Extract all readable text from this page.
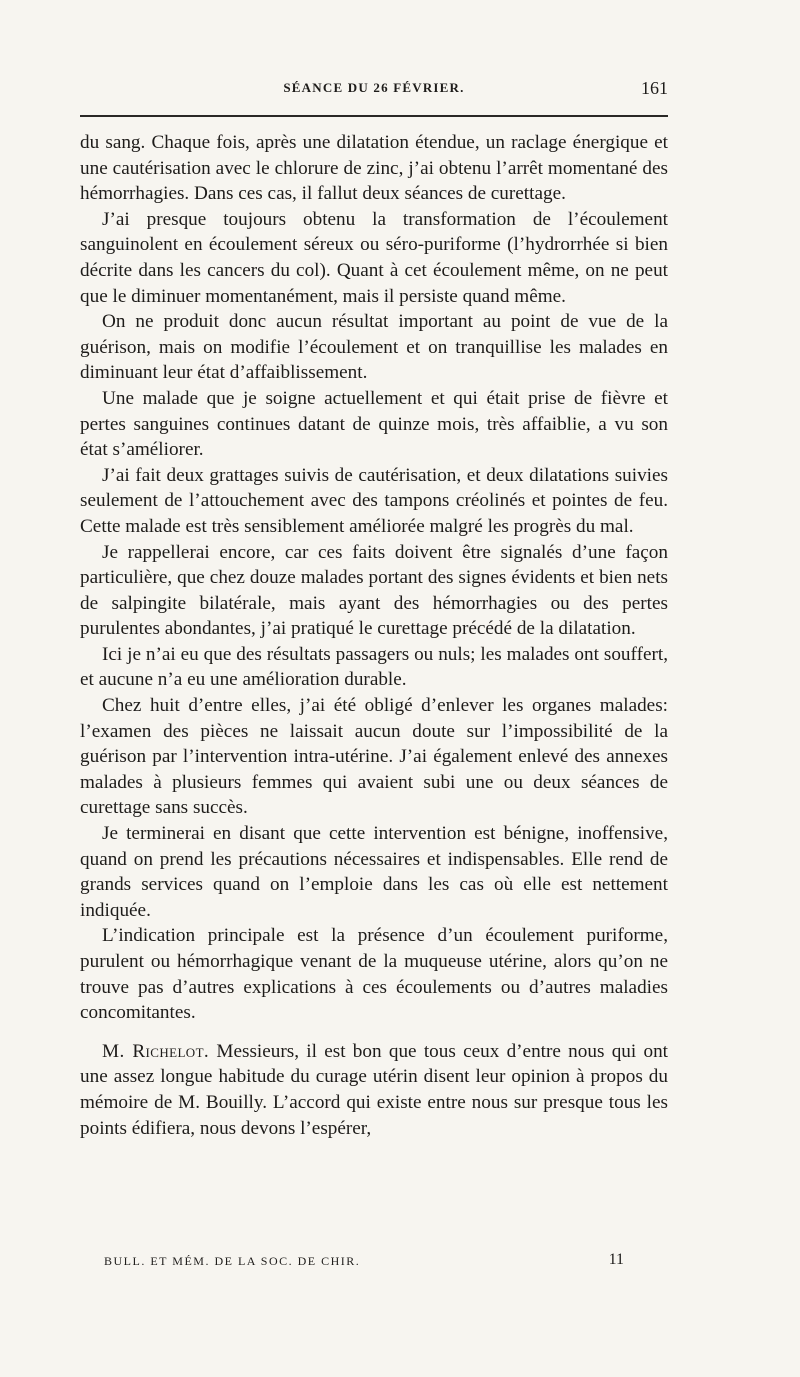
SÉANCE DU 26 FÉVRIER.	161

du sang. Chaque fois, après une dilatation étendue, un raclage énergique et une cautérisation avec le chlorure de zinc, j’ai obtenu l’arrêt momentané des hémorrhagies. Dans ces cas, il fallut deux séances de curettage.

J’ai presque toujours obtenu la transformation de l’écoulement sanguinolent en écoulement séreux ou séro-puriforme (l’hydrorrhée si bien décrite dans les cancers du col). Quant à cet écoulement même, on ne peut que le diminuer momentanément, mais il persiste quand même.

On ne produit donc aucun résultat important au point de vue de la guérison, mais on modifie l’écoulement et on tranquillise les malades en diminuant leur état d’affaiblissement.

Une malade que je soigne actuellement et qui était prise de fièvre et pertes sanguines continues datant de quinze mois, très affaiblie, a vu son état s’améliorer.

J’ai fait deux grattages suivis de cautérisation, et deux dilatations suivies seulement de l’attouchement avec des tampons créolinés et pointes de feu. Cette malade est très sensiblement améliorée malgré les progrès du mal.

Je rappellerai encore, car ces faits doivent être signalés d’une façon particulière, que chez douze malades portant des signes évidents et bien nets de salpingite bilatérale, mais ayant des hémorrhagies ou des pertes purulentes abondantes, j’ai pratiqué le curettage précédé de la dilatation.

Ici je n’ai eu que des résultats passagers ou nuls; les malades ont souffert, et aucune n’a eu une amélioration durable.

Chez huit d’entre elles, j’ai été obligé d’enlever les organes malades: l’examen des pièces ne laissait aucun doute sur l’impossibilité de la guérison par l’intervention intra-utérine. J’ai également enlevé des annexes malades à plusieurs femmes qui avaient subi une ou deux séances de curettage sans succès.

Je terminerai en disant que cette intervention est bénigne, inoffensive, quand on prend les précautions nécessaires et indispensables. Elle rend de grands services quand on l’emploie dans les cas où elle est nettement indiquée.

L’indication principale est la présence d’un écoulement puriforme, purulent ou hémorrhagique venant de la muqueuse utérine, alors qu’on ne trouve pas d’autres explications à ces écoulements ou d’autres maladies concomitantes.

M. Richelot. Messieurs, il est bon que tous ceux d’entre nous qui ont une assez longue habitude du curage utérin disent leur opinion à propos du mémoire de M. Bouilly. L’accord qui existe entre nous sur presque tous les points édifiera, nous devons l’espérer,

BULL. ET MÉM. DE LA SOC. DE CHIR.	11
